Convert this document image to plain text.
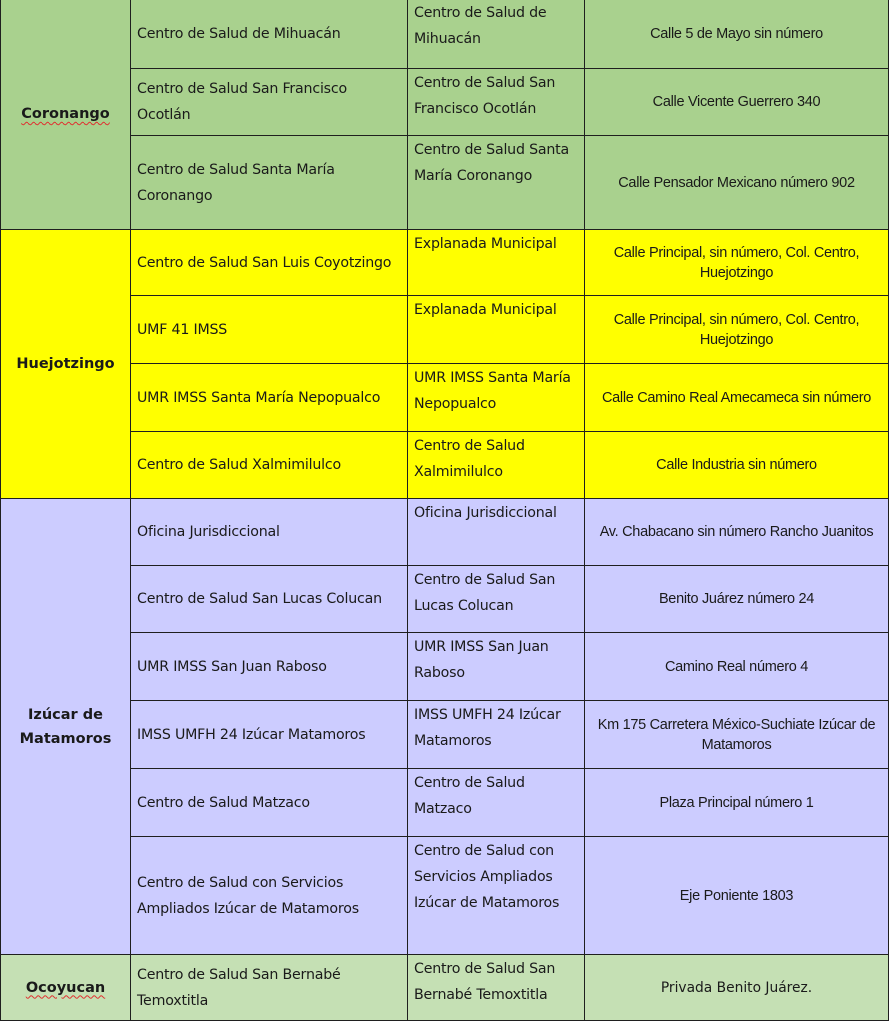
Coronango	Centro de Salud de Mihuacán	Centro de Salud de Mihuacán	Calle 5 de Mayo sin número
	Centro de Salud San Francisco Ocotlán	Centro de Salud San Francisco Ocotlán	Calle Vicente Guerrero 340
	Centro de Salud Santa María Coronango	Centro de Salud Santa María Coronango	Calle Pensador Mexicano número 902
Huejotzingo	Centro de Salud San Luis Coyotzingo	Explanada Municipal	Calle Principal, sin número, Col. Centro, Huejotzingo
	UMF 41 IMSS	Explanada Municipal	Calle Principal, sin número, Col. Centro, Huejotzingo
	UMR IMSS Santa María Nepopualco	UMR IMSS Santa María Nepopualco	Calle Camino Real Amecameca sin número
	Centro de Salud Xalmimilulco	Centro de Salud Xalmimilulco	Calle Industria sin número
Izúcar de Matamoros	Oficina Jurisdiccional	Oficina Jurisdiccional	Av. Chabacano sin número Rancho Juanitos
	Centro de Salud San Lucas Colucan	Centro de Salud San Lucas Colucan	Benito Juárez número 24
	UMR IMSS San Juan Raboso	UMR IMSS San Juan Raboso	Camino Real número 4
	IMSS UMFH 24 Izúcar Matamoros	IMSS UMFH 24 Izúcar Matamoros	Km 175 Carretera México-Suchiate Izúcar de Matamoros
	Centro de Salud Matzaco	Centro de Salud Matzaco	Plaza Principal número 1
	Centro de Salud con Servicios Ampliados Izúcar de Matamoros	Centro de Salud con Servicios Ampliados Izúcar de Matamoros	Eje Poniente 1803
Ocoyucan	Centro de Salud San Bernabé Temoxtitla	Centro de Salud San Bernabé Temoxtitla	Privada Benito Juárez.
